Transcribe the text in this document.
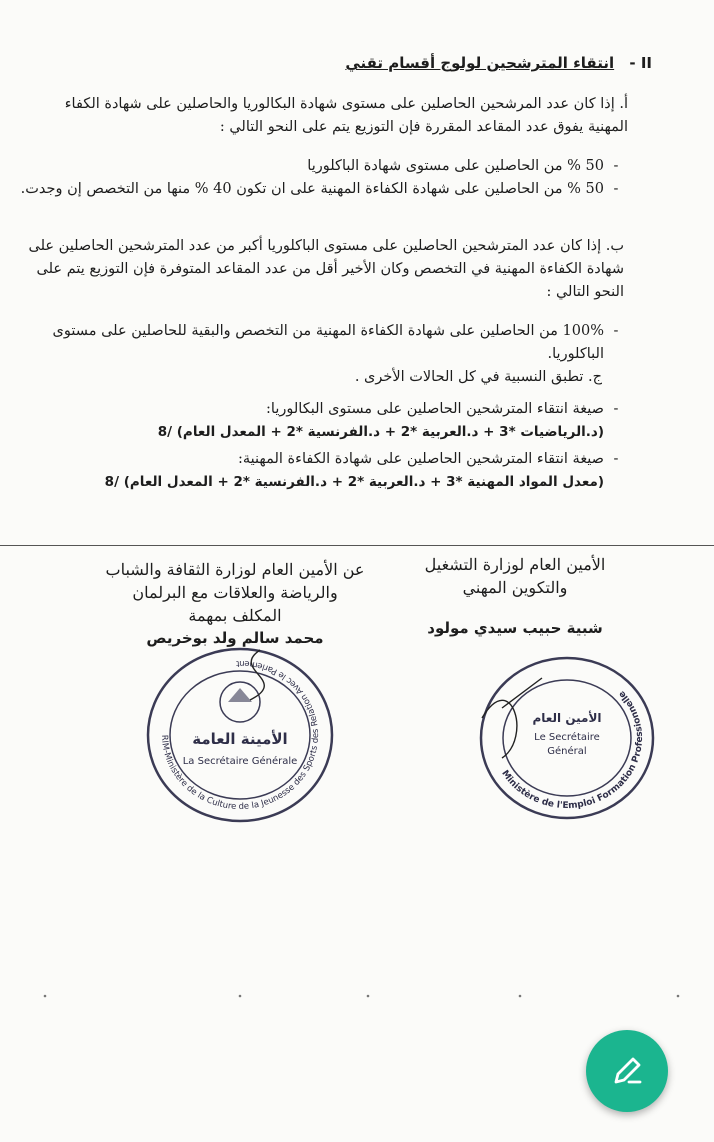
II - انتقاء المترشحين لولوج أقسام تقني
أ. إذا كان عدد المرشحين الحاصلين على مستوى شهادة البكالوريا والحاصلين على شهادة الكفاء المهنية يفوق عدد المقاعد المقررة فإن التوزيع يتم على النحو التالي :
-
50 % من الحاصلين على مستوى شهادة الباكلوريا
-
50 % من الحاصلين على شهادة الكفاءة المهنية على ان تكون 40 % منها من التخصص إن وجدت.
ب. إذا كان عدد المترشحين الحاصلين على مستوى الباكلوريا أكبر من عدد المترشحين الحاصلين على شهادة الكفاءة المهنية في التخصص وكان الأخير أقل من عدد المقاعد المتوفرة فإن التوزيع يتم على النحو التالي :
-
100% من الحاصلين على شهادة الكفاءة المهنية من التخصص والبقية للحاصلين على مستوى الباكلوريا.
ج. تطبق النسبية في كل الحالات الأخرى .
-
صيغة انتقاء المترشحين الحاصلين على مستوى البكالوريا:
(د.الرياضيات *3 + د.العربية *2 + د.الفرنسية *2 + المعدل العام) /8
-
صيغة انتقاء المترشحين الحاصلين على شهادة الكفاءة المهنية:
(معدل المواد المهنية *3 + د.العربية *2 + د.الفرنسية *2 + المعدل العام) /8
عن الأمين العام لوزارة الثقافة والشباب
والرياضة والعلاقات مع البرلمان
المكلف بمهمة
محمد سالم ولد بوخريص
الأمين العام لوزارة التشغيل
والتكوين المهني
شبية حبيب سيدي مولود
الأمينة العامة
La Secrétaire Générale
RIM-Ministère de la Culture de la Jeunesse des Sports des Relation Avec le Parlement
الأمين العام
Le Secrétaire
Général
Ministère de l'Emploi Formation Professionnelle
